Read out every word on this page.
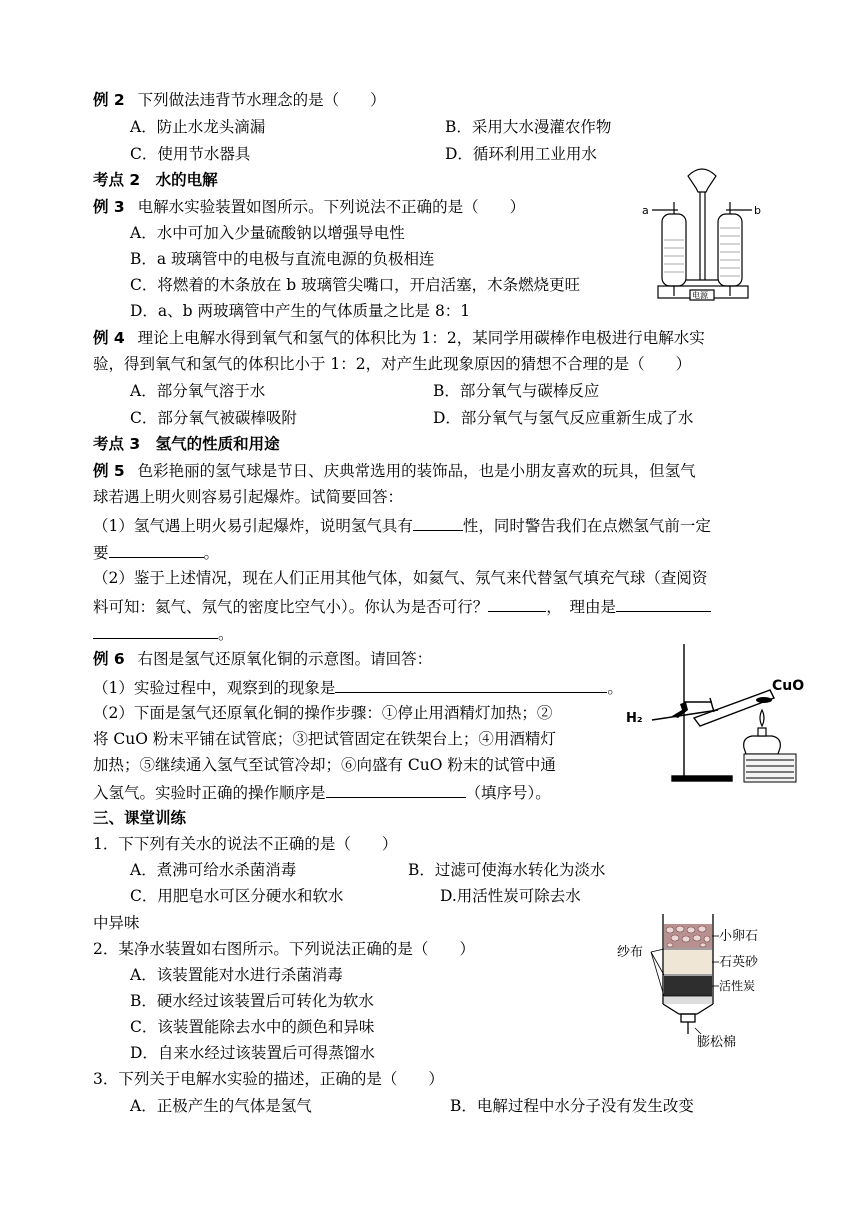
例 2 下列做法违背节水理念的是（　　）
A．防止水龙头滴漏	B．采用大水漫灌农作物
C．使用节水器具	D．循环利用工业用水
考点 2 水的电解
例 3 电解水实验装置如图所示。下列说法不正确的是（　　）
A．水中可加入少量硫酸钠以增强导电性
B．a 玻璃管中的电极与直流电源的负极相连
C．将燃着的木条放在 b 玻璃管尖嘴口，开启活塞，木条燃烧更旺
D．a、b 两玻璃管中产生的气体质量之比是 8：1
a	b
电源
例 4 理论上电解水得到氧气和氢气的体积比为 1：2，某同学用碳棒作电极进行电解水实
验，得到氧气和氢气的体积比小于 1：2，对产生此现象原因的猜想不合理的是（　　）
A．部分氧气溶于水	B．部分氧气与碳棒反应
C．部分氧气被碳棒吸附	D．部分氧气与氢气反应重新生成了水
考点 3 氢气的性质和用途
例 5 色彩艳丽的氢气球是节日、庆典常选用的装饰品，也是小朋友喜欢的玩具，但氢气
球若遇上明火则容易引起爆炸。试简要回答：
（1）氢气遇上明火易引起爆炸，说明氢气具有	性，同时警告我们在点燃氢气前一定
要	。
（2）鉴于上述情况，现在人们正用其他气体，如氦气、氖气来代替氢气填充气球（查阅资
料可知：氦气、氖气的密度比空气小）。你认为是否可行？	，　理由是
。
例 6 右图是氢气还原氧化铜的示意图。请回答：
（1）实验过程中，观察到的现象是	。
（2）下面是氢气还原氧化铜的操作步骤：①停止用酒精灯加热；②
将 CuO 粉末平铺在试管底；③把试管固定在铁架台上；④用酒精灯
加热；⑤继续通入氢气至试管冷却；⑥向盛有 CuO 粉末的试管中通
入氢气。实验时正确的操作顺序是	（填序号）。
CuO
H₂
三、课堂训练
1．下下列有关水的说法不正确的是（　　）
A．煮沸可给水杀菌消毒	B．过滤可使海水转化为淡水
C．用肥皂水可区分硬水和软水	D.用活性炭可除去水
中异味
2．某净水装置如右图所示。下列说法正确的是（　　）
A．该装置能对水进行杀菌消毒
B．硬水经过该装置后可转化为软水
C．该装置能除去水中的颜色和异味
D．自来水经过该装置后可得蒸馏水
纱布
小卵石
石英砂
活性炭
膨松棉
3．下列关于电解水实验的描述，正确的是（　　）
A．正极产生的气体是氢气	B．电解过程中水分子没有发生改变
